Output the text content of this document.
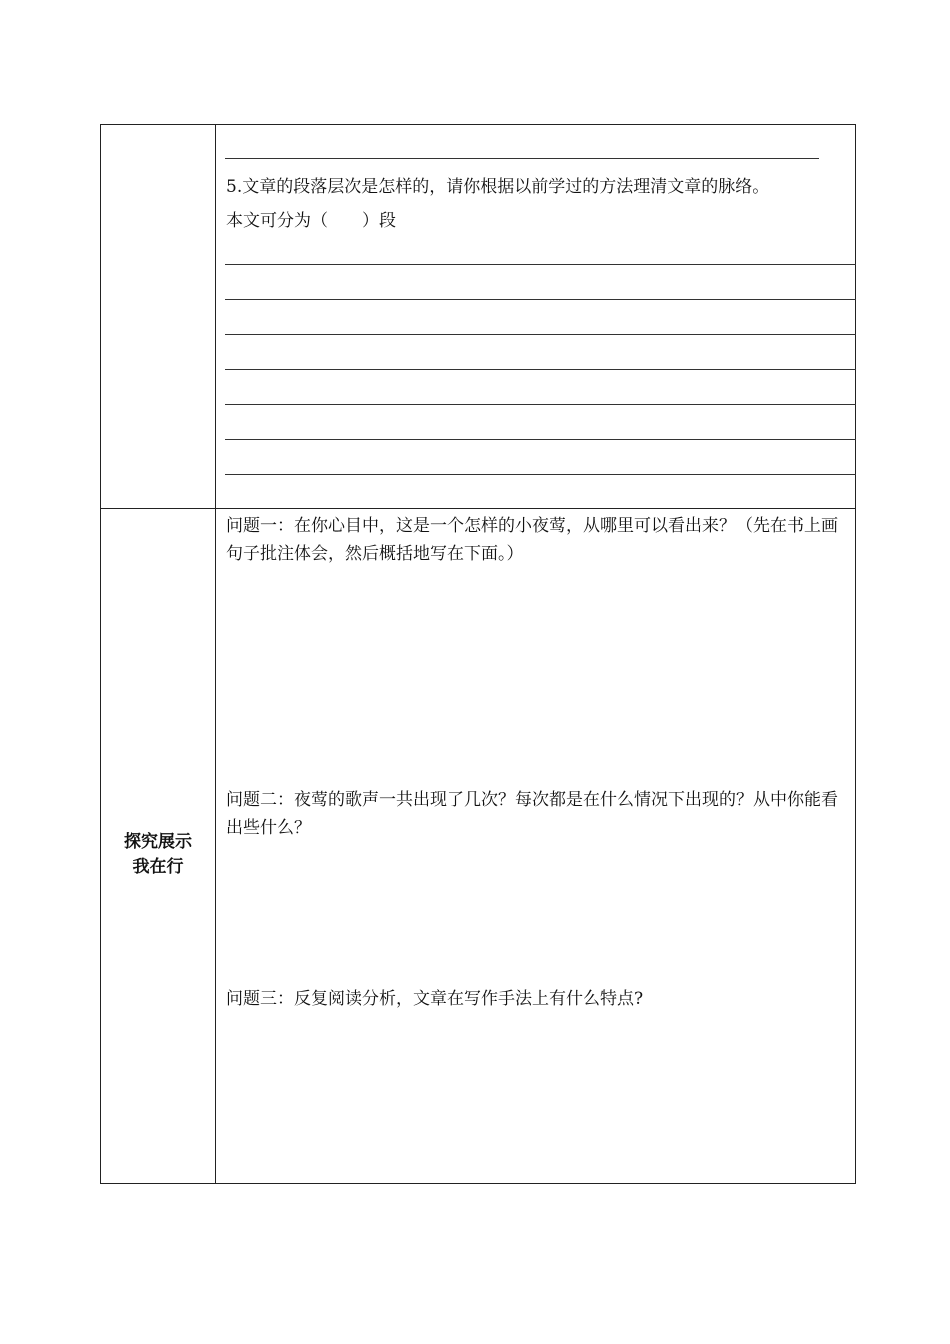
5.文章的段落层次是怎样的，请你根据以前学过的方法理清文章的脉络。
本文可分为（　　）段
探究展示
我在行
问题一：在你心目中，这是一个怎样的小夜莺，从哪里可以看出来？（先在书上画句子批注体会，然后概括地写在下面。）
问题二：夜莺的歌声一共出现了几次？每次都是在什么情况下出现的？从中你能看出些什么？
问题三：反复阅读分析，文章在写作手法上有什么特点?
